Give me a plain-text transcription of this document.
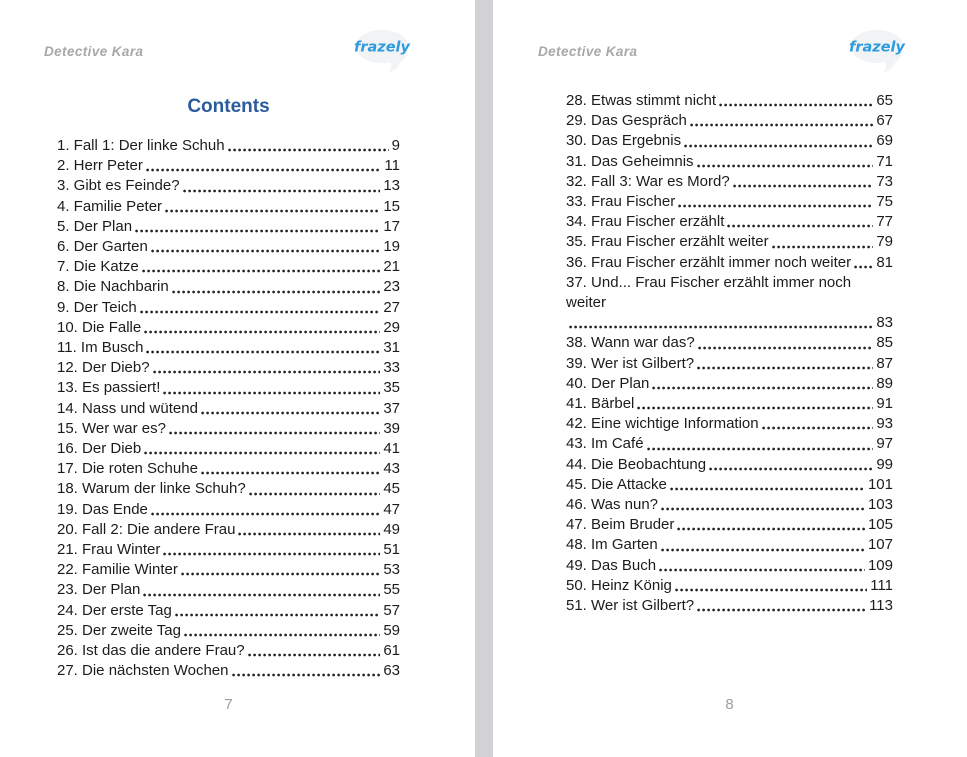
Detective Kara	frazely
Contents
1. Fall 1: Der linke Schuh	9
2. Herr Peter	11
3. Gibt es Feinde?	13
4. Familie Peter	15
5. Der Plan	17
6. Der Garten	19
7. Die Katze	21
8. Die Nachbarin	23
9. Der Teich	27
10. Die Falle	29
11. Im Busch	31
12. Der Dieb?	33
13. Es passiert!	35
14. Nass und wütend	37
15. Wer war es?	39
16. Der Dieb	41
17. Die roten Schuhe	43
18. Warum der linke Schuh?	45
19. Das Ende	47
20. Fall 2: Die andere Frau	49
21. Frau Winter	51
22. Familie Winter	53
23. Der Plan	55
24. Der erste Tag	57
25. Der zweite Tag	59
26. Ist das die andere Frau?	61
27. Die nächsten Wochen	63
7
Detective Kara	frazely
28. Etwas stimmt nicht	65
29. Das Gespräch	67
30. Das Ergebnis	69
31. Das Geheimnis	71
32. Fall 3: War es Mord?	73
33. Frau Fischer	75
34. Frau Fischer erzählt	77
35. Frau Fischer erzählt weiter	79
36. Frau Fischer erzählt immer noch weiter 81
37. Und... Frau Fischer erzählt immer noch weiter
83
38. Wann war das?	85
39. Wer ist Gilbert?	87
40. Der Plan	89
41. Bärbel	91
42. Eine wichtige Information	93
43. Im Café	97
44. Die Beobachtung	99
45. Die Attacke	101
46. Was nun?	103
47. Beim Bruder	105
48. Im Garten	107
49. Das Buch	109
50. Heinz König	111
51. Wer ist Gilbert?	113
8
